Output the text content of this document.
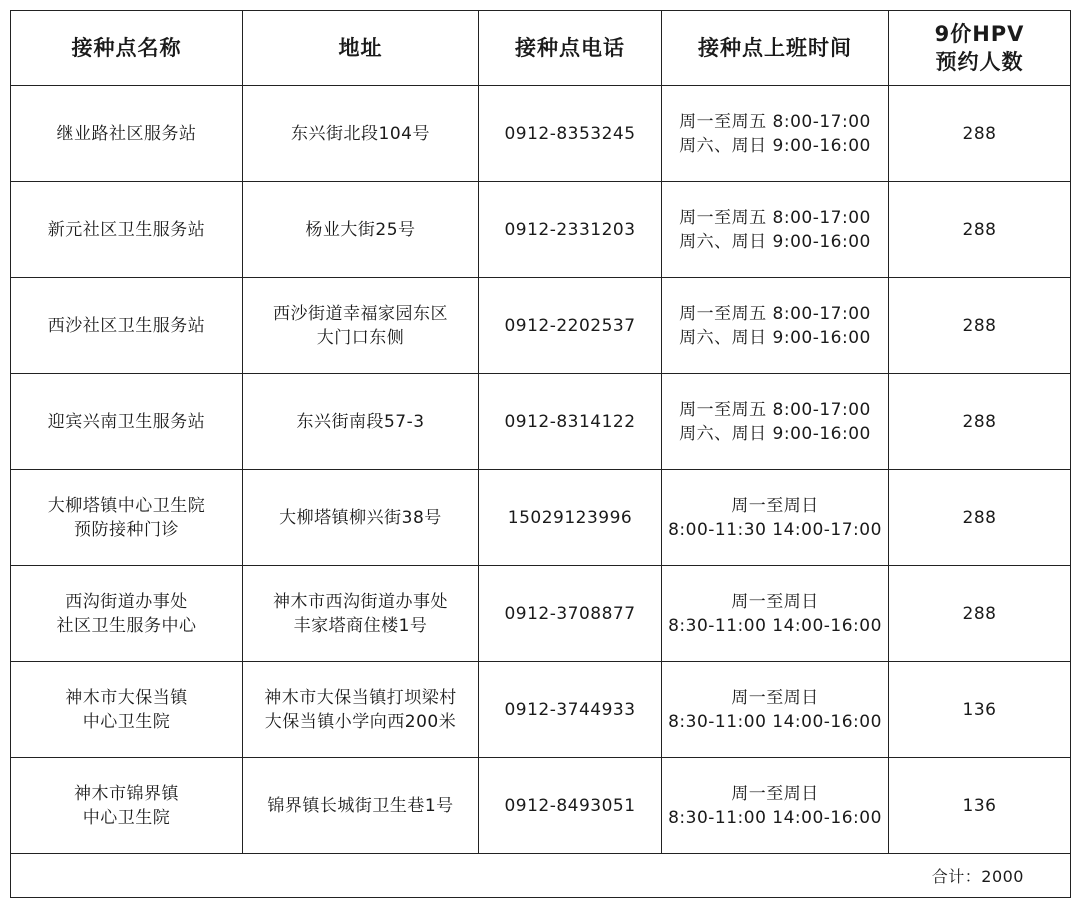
接种点名称	地址	接种点电话	接种点上班时间	9价HPV
预约人数

继业路社区服务站	东兴街北段104号	0912-8353245	周一至周五 8:00-17:00
周六、周日 9:00-16:00	288

新元社区卫生服务站	杨业大街25号	0912-2331203	周一至周五 8:00-17:00
周六、周日 9:00-16:00	288

西沙社区卫生服务站	西沙街道幸福家园东区
大门口东侧	0912-2202537	周一至周五 8:00-17:00
周六、周日 9:00-16:00	288

迎宾兴南卫生服务站	东兴街南段57-3	0912-8314122	周一至周五 8:00-17:00
周六、周日 9:00-16:00	288

大柳塔镇中心卫生院
预防接种门诊	大柳塔镇柳兴街38号	15029123996	周一至周日
8:00-11:30 14:00-17:00	288

西沟街道办事处
社区卫生服务中心	神木市西沟街道办事处
丰家塔商住楼1号	0912-3708877	周一至周日
8:30-11:00 14:00-16:00	288

神木市大保当镇
中心卫生院	神木市大保当镇打坝梁村
大保当镇小学向西200米	0912-3744933	周一至周日
8:30-11:00 14:00-16:00	136

神木市锦界镇
中心卫生院	锦界镇长城街卫生巷1号	0912-8493051	周一至周日
8:30-11:00 14:00-16:00	136
合计：2000				
